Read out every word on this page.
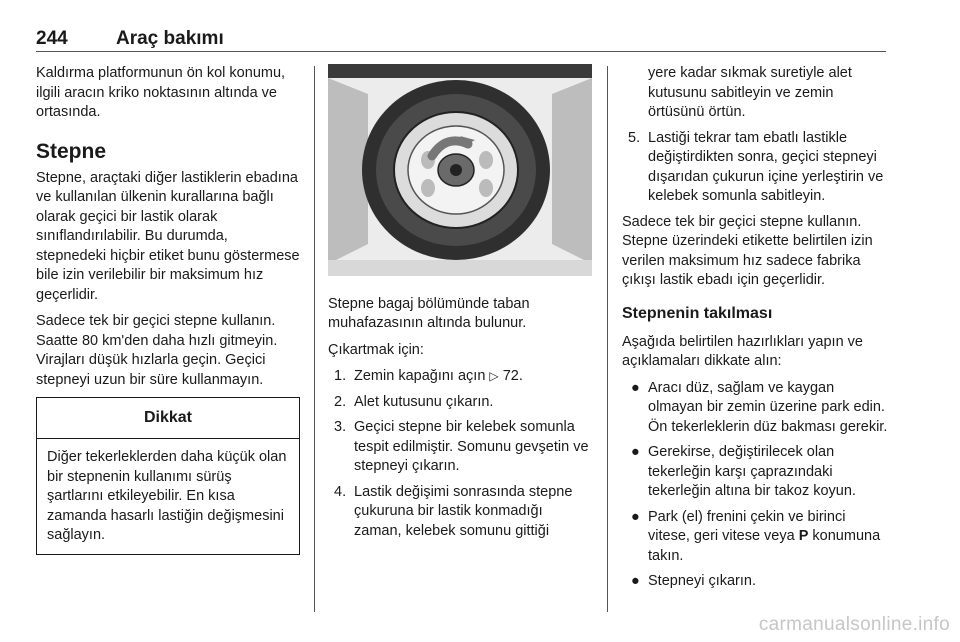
244	Araç bakımı

Kaldırma platformunun ön kol konumu, ilgili aracın kriko noktasının altında ve ortasında.

Stepne

Stepne, araçtaki diğer lastiklerin ebadına ve kullanılan ülkenin kurallarına bağlı olarak geçici bir lastik olarak sınıflandırılabilir. Bu durumda, stepnedeki hiçbir etiket bunu göstermese bile izin verilebilir bir maksimum hız geçerlidir.

Sadece tek bir geçici stepne kullanın. Saatte 80 km'den daha hızlı gitmeyin. Virajları düşük hızlarla geçin. Geçici stepneyi uzun bir süre kullanmayın.

Dikkat
Diğer tekerleklerden daha küçük olan bir stepnenin kullanımı sürüş şartlarını etkileyebilir. En kısa zamanda hasarlı lastiğin değişmesini sağlayın.

Stepne bagaj bölümünde taban muhafazasının altında bulunur.

Çıkartmak için:

1. Zemin kapağını açın ▷ 72.
2. Alet kutusunu çıkarın.
3. Geçici stepne bir kelebek somunla tespit edilmiştir. Somunu gevşetin ve stepneyi çıkarın.
4. Lastik değişimi sonrasında stepne çukuruna bir lastik konmadığı zaman, kelebek somunu gittiği
yere kadar sıkmak suretiyle alet kutusunu sabitleyin ve zemin örtüsünü örtün.
5. Lastiği tekrar tam ebatlı lastikle değiştirdikten sonra, geçici stepneyi dışarıdan çukurun içine yerleştirin ve kelebek somunla sabitleyin.

Sadece tek bir geçici stepne kullanın. Stepne üzerindeki etikette belirtilen izin verilen maksimum hız sadece fabrika çıkışı lastik ebadı için geçerlidir.

Stepnenin takılması

Aşağıda belirtilen hazırlıkları yapın ve açıklamaları dikkate alın:

● Aracı düz, sağlam ve kaygan olmayan bir zemin üzerine park edin. Ön tekerleklerin düz bakması gerekir.
● Gerekirse, değiştirilecek olan tekerleğin karşı çaprazındaki tekerleğin altına bir takoz koyun.
● Park (el) frenini çekin ve birinci vitese, geri vitese veya P konumuna takın.
● Stepneyi çıkarın.
carmanualsonline.info
